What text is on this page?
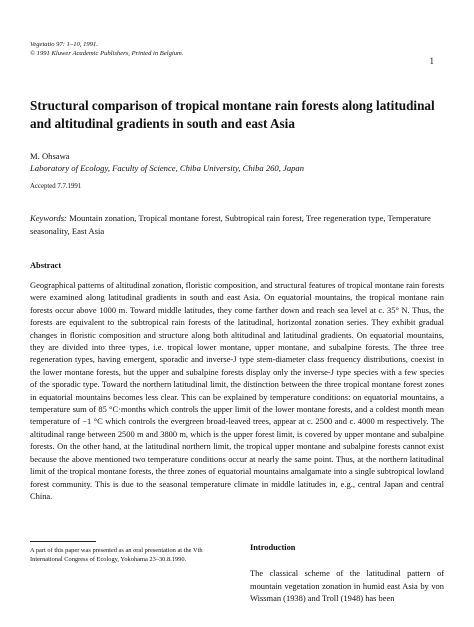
Vegetatio 97: 1–10, 1991.
© 1991 Kluwer Academic Publishers, Printed in Belgium.
1
Structural comparison of tropical montane rain forests along latitudinal and altitudinal gradients in south and east Asia
M. Ohsawa
Laboratory of Ecology, Faculty of Science, Chiba University, Chiba 260, Japan
Accepted 7.7.1991
Keywords: Mountain zonation, Tropical montane forest, Subtropical rain forest, Tree regeneration type, Temperature seasonality, East Asia
Abstract

Geographical patterns of altitudinal zonation, floristic composition, and structural features of tropical montane rain forests were examined along latitudinal gradients in south and east Asia. On equatorial mountains, the tropical montane rain forests occur above 1000 m. Toward middle latitudes, they come farther down and reach sea level at c. 35° N. Thus, the forests are equivalent to the subtropical rain forests of the latitudinal, horizontal zonation series. They exhibit gradual changes in floristic composition and structure along both altitudinal and latitudinal gradients. On equatorial mountains, they are divided into three types, i.e. tropical lower montane, upper montane, and subalpine forests. The three tree regeneration types, having emergent, sporadic and inverse-J type stem-diameter class frequency distributions, coexist in the lower montane forests, but the upper and subalpine forests display only the inverse-J type species with a few species of the sporadic type. Toward the northern latitudinal limit, the distinction between the three tropical montane forest zones in equatorial mountains becomes less clear. This can be explained by temperature conditions: on equatorial mountains, a temperature sum of 85 °C·months which controls the upper limit of the lower montane forests, and a coldest month mean temperature of −1 °C which controls the evergreen broad-leaved trees, appear at c. 2500 and c. 4000 m respectively. The altitudinal range between 2500 m and 3800 m, which is the upper forest limit, is covered by upper montane and subalpine forests. On the other hand, at the latitudinal northern limit, the tropical upper montane and subalpine forests cannot exist because the above mentioned two temperature conditions occur at nearly the same point. Thus, at the northern latitudinal limit of the tropical montane forests, the three zones of equatorial mountains amalgamate into a single subtropical lowland forest community. This is due to the seasonal temperature climate in middle latitudes in, e.g., central Japan and central China.

A part of this paper was presented as an oral presentation at the Vth International Congress of Ecology, Yokohama 23–30.8.1990.
Introduction

The classical scheme of the latitudinal pattern of mountain vegetation zonation in humid east Asia by von Wissman (1938) and Troll (1948) has been
